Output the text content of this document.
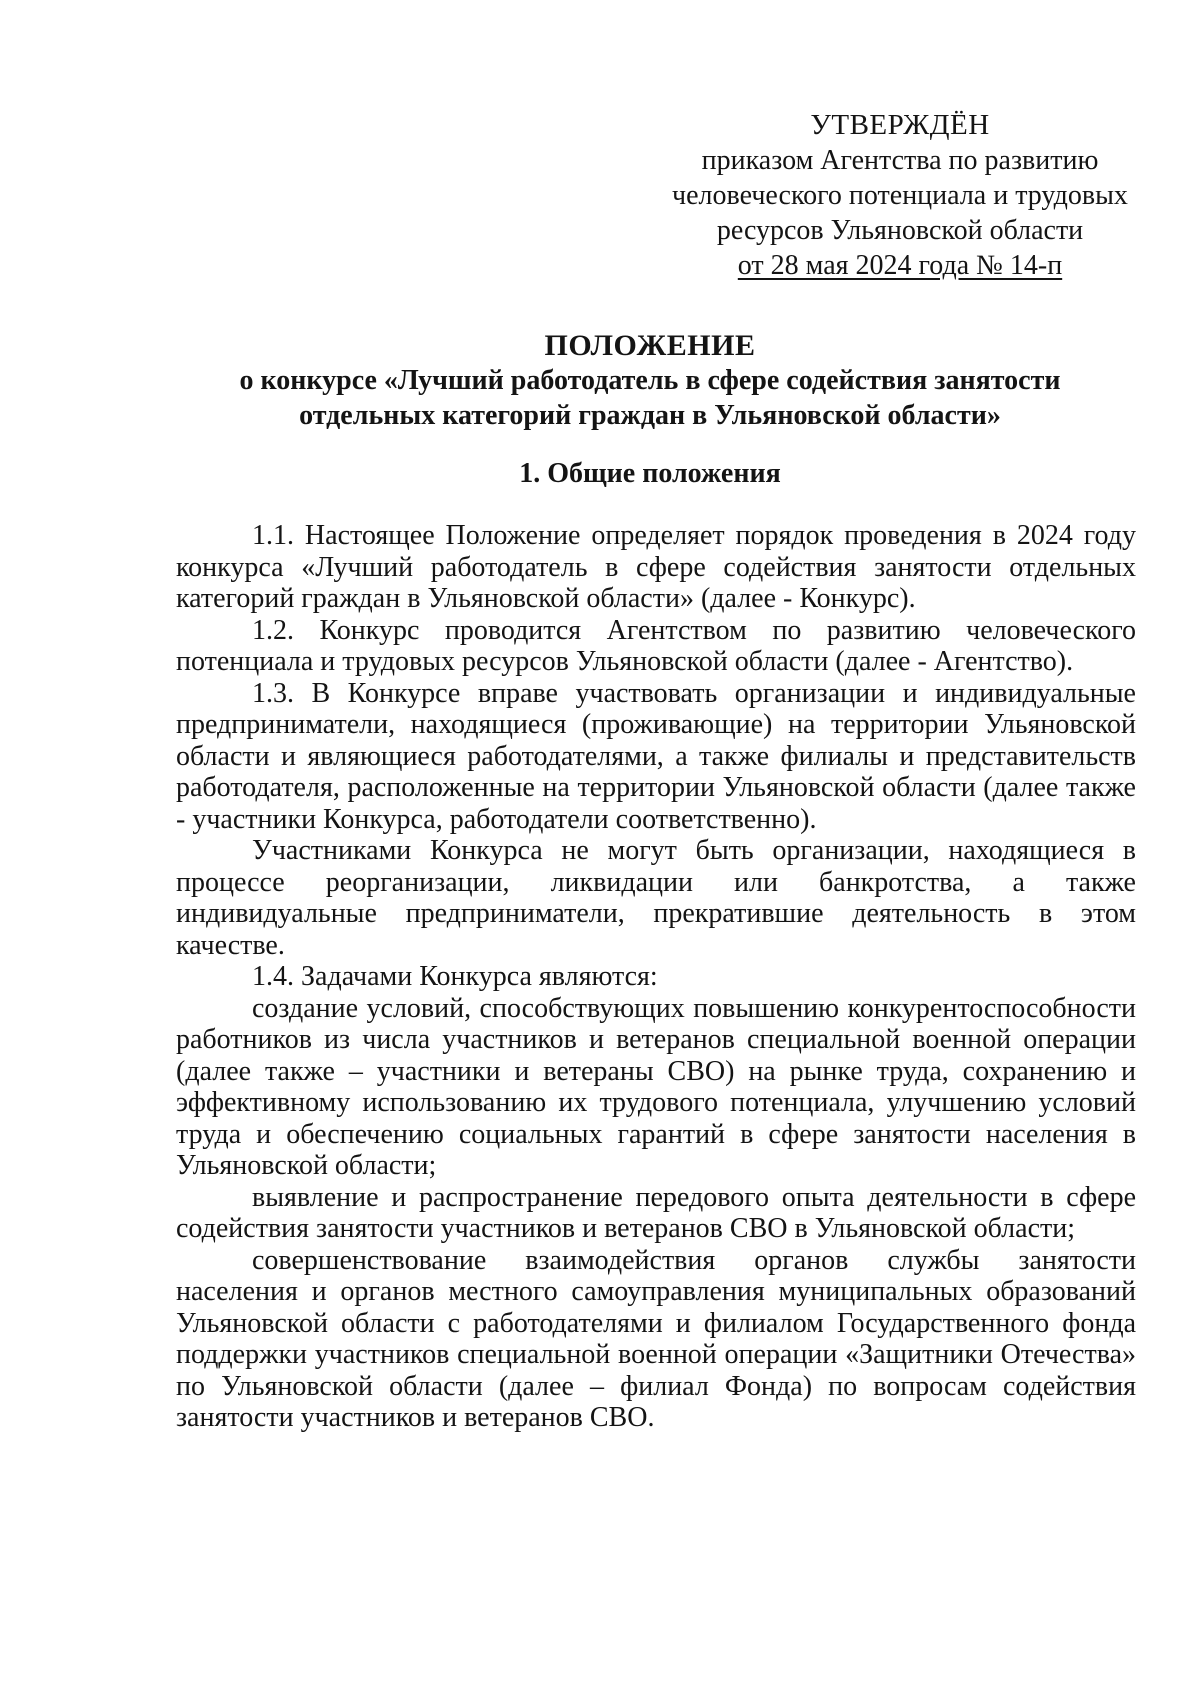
УТВЕРЖДЁН
приказом Агентства по развитию
человеческого потенциала и трудовых
ресурсов Ульяновской области
от 28 мая 2024 года № 14-п
ПОЛОЖЕНИЕ
о конкурсе «Лучший работодатель в сфере содействия занятости
отдельных категорий граждан в Ульяновской области»
1. Общие положения

1.1. Настоящее Положение определяет порядок проведения в 2024 году конкурса «Лучший работодатель в сфере содействия занятости отдельных категорий граждан в Ульяновской области» (далее - Конкурс).

1.2. Конкурс проводится Агентством по развитию человеческого потенциала и трудовых ресурсов Ульяновской области (далее - Агентство).

1.3. В Конкурсе вправе участвовать организации и индивидуальные предприниматели, находящиеся (проживающие) на территории Ульяновской области и являющиеся работодателями, а также филиалы и представительств работодателя, расположенные на территории Ульяновской области (далее также - участники Конкурса, работодатели соответственно).

Участниками Конкурса не могут быть организации, находящиеся в процессе реорганизации, ликвидации или банкротства, а также индивидуальные предприниматели, прекратившие деятельность в этом качестве.

1.4. Задачами Конкурса являются:

создание условий, способствующих повышению конкурентоспособности работников из числа участников и ветеранов специальной военной операции (далее также – участники и ветераны СВО) на рынке труда, сохранению и эффективному использованию их трудового потенциала, улучшению условий труда и обеспечению социальных гарантий в сфере занятости населения в Ульяновской области;

выявление и распространение передового опыта деятельности в сфере содействия занятости участников и ветеранов СВО в Ульяновской области;

совершенствование взаимодействия органов службы занятости населения и органов местного самоуправления муниципальных образований Ульяновской области с работодателями и филиалом Государственного фонда поддержки участников специальной военной операции «Защитники Отечества» по Ульяновской области (далее – филиал Фонда) по вопросам содействия занятости участников и ветеранов СВО.
